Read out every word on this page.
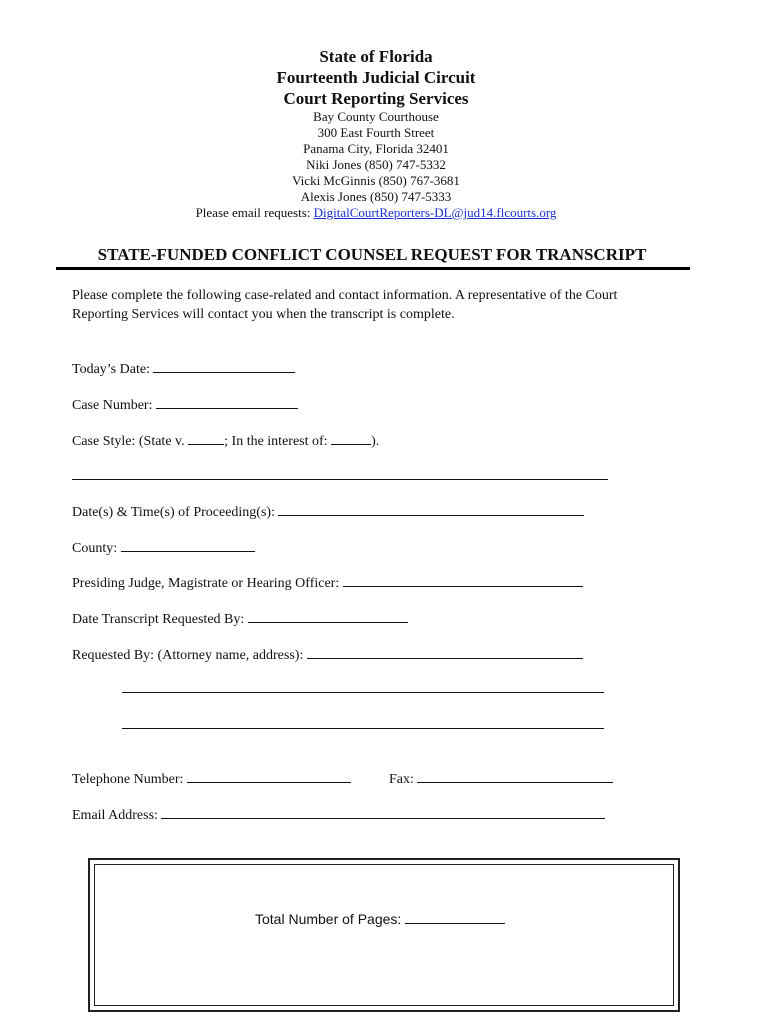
State of Florida
Fourteenth Judicial Circuit
Court Reporting Services
Bay County Courthouse
300 East Fourth Street
Panama City, Florida 32401
Niki Jones (850) 747-5332
Vicki McGinnis (850) 767-3681
Alexis Jones (850) 747-5333
Please email requests: DigitalCourtReporters-DL@jud14.flcourts.org
STATE-FUNDED CONFLICT COUNSEL REQUEST FOR TRANSCRIPT
Please complete the following case-related and contact information. A representative of the Court Reporting Services will contact you when the transcript is complete.
Today’s Date:
Case Number:
Case Style: (State v.	; In the interest of:	).
Date(s) & Time(s) of Proceeding(s):
County:
Presiding Judge, Magistrate or Hearing Officer:
Date Transcript Requested By:
Requested By: (Attorney name, address):
Telephone Number:	Fax:
Email Address:
Total Number of Pages:
